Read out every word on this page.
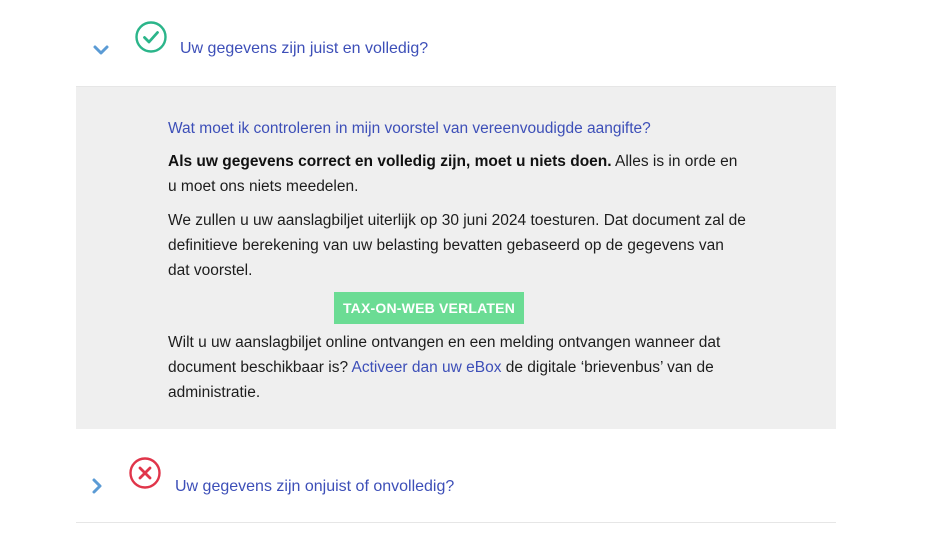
Uw gegevens zijn juist en volledig?
Wat moet ik controleren in mijn voorstel van vereenvoudigde aangifte?

Als uw gegevens correct en volledig zijn, moet u niets doen. Alles is in orde en u moet ons niets meedelen.

We zullen u uw aanslagbiljet uiterlijk op 30 juni 2024 toesturen. Dat document zal de definitieve berekening van uw belasting bevatten gebaseerd op de gegevens van dat voorstel.

TAX-ON-WEB VERLATEN

Wilt u uw aanslagbiljet online ontvangen en een melding ontvangen wanneer dat document beschikbaar is? Activeer dan uw eBox de digitale ‘brievenbus’ van de administratie.

Uw gegevens zijn onjuist of onvolledig?
